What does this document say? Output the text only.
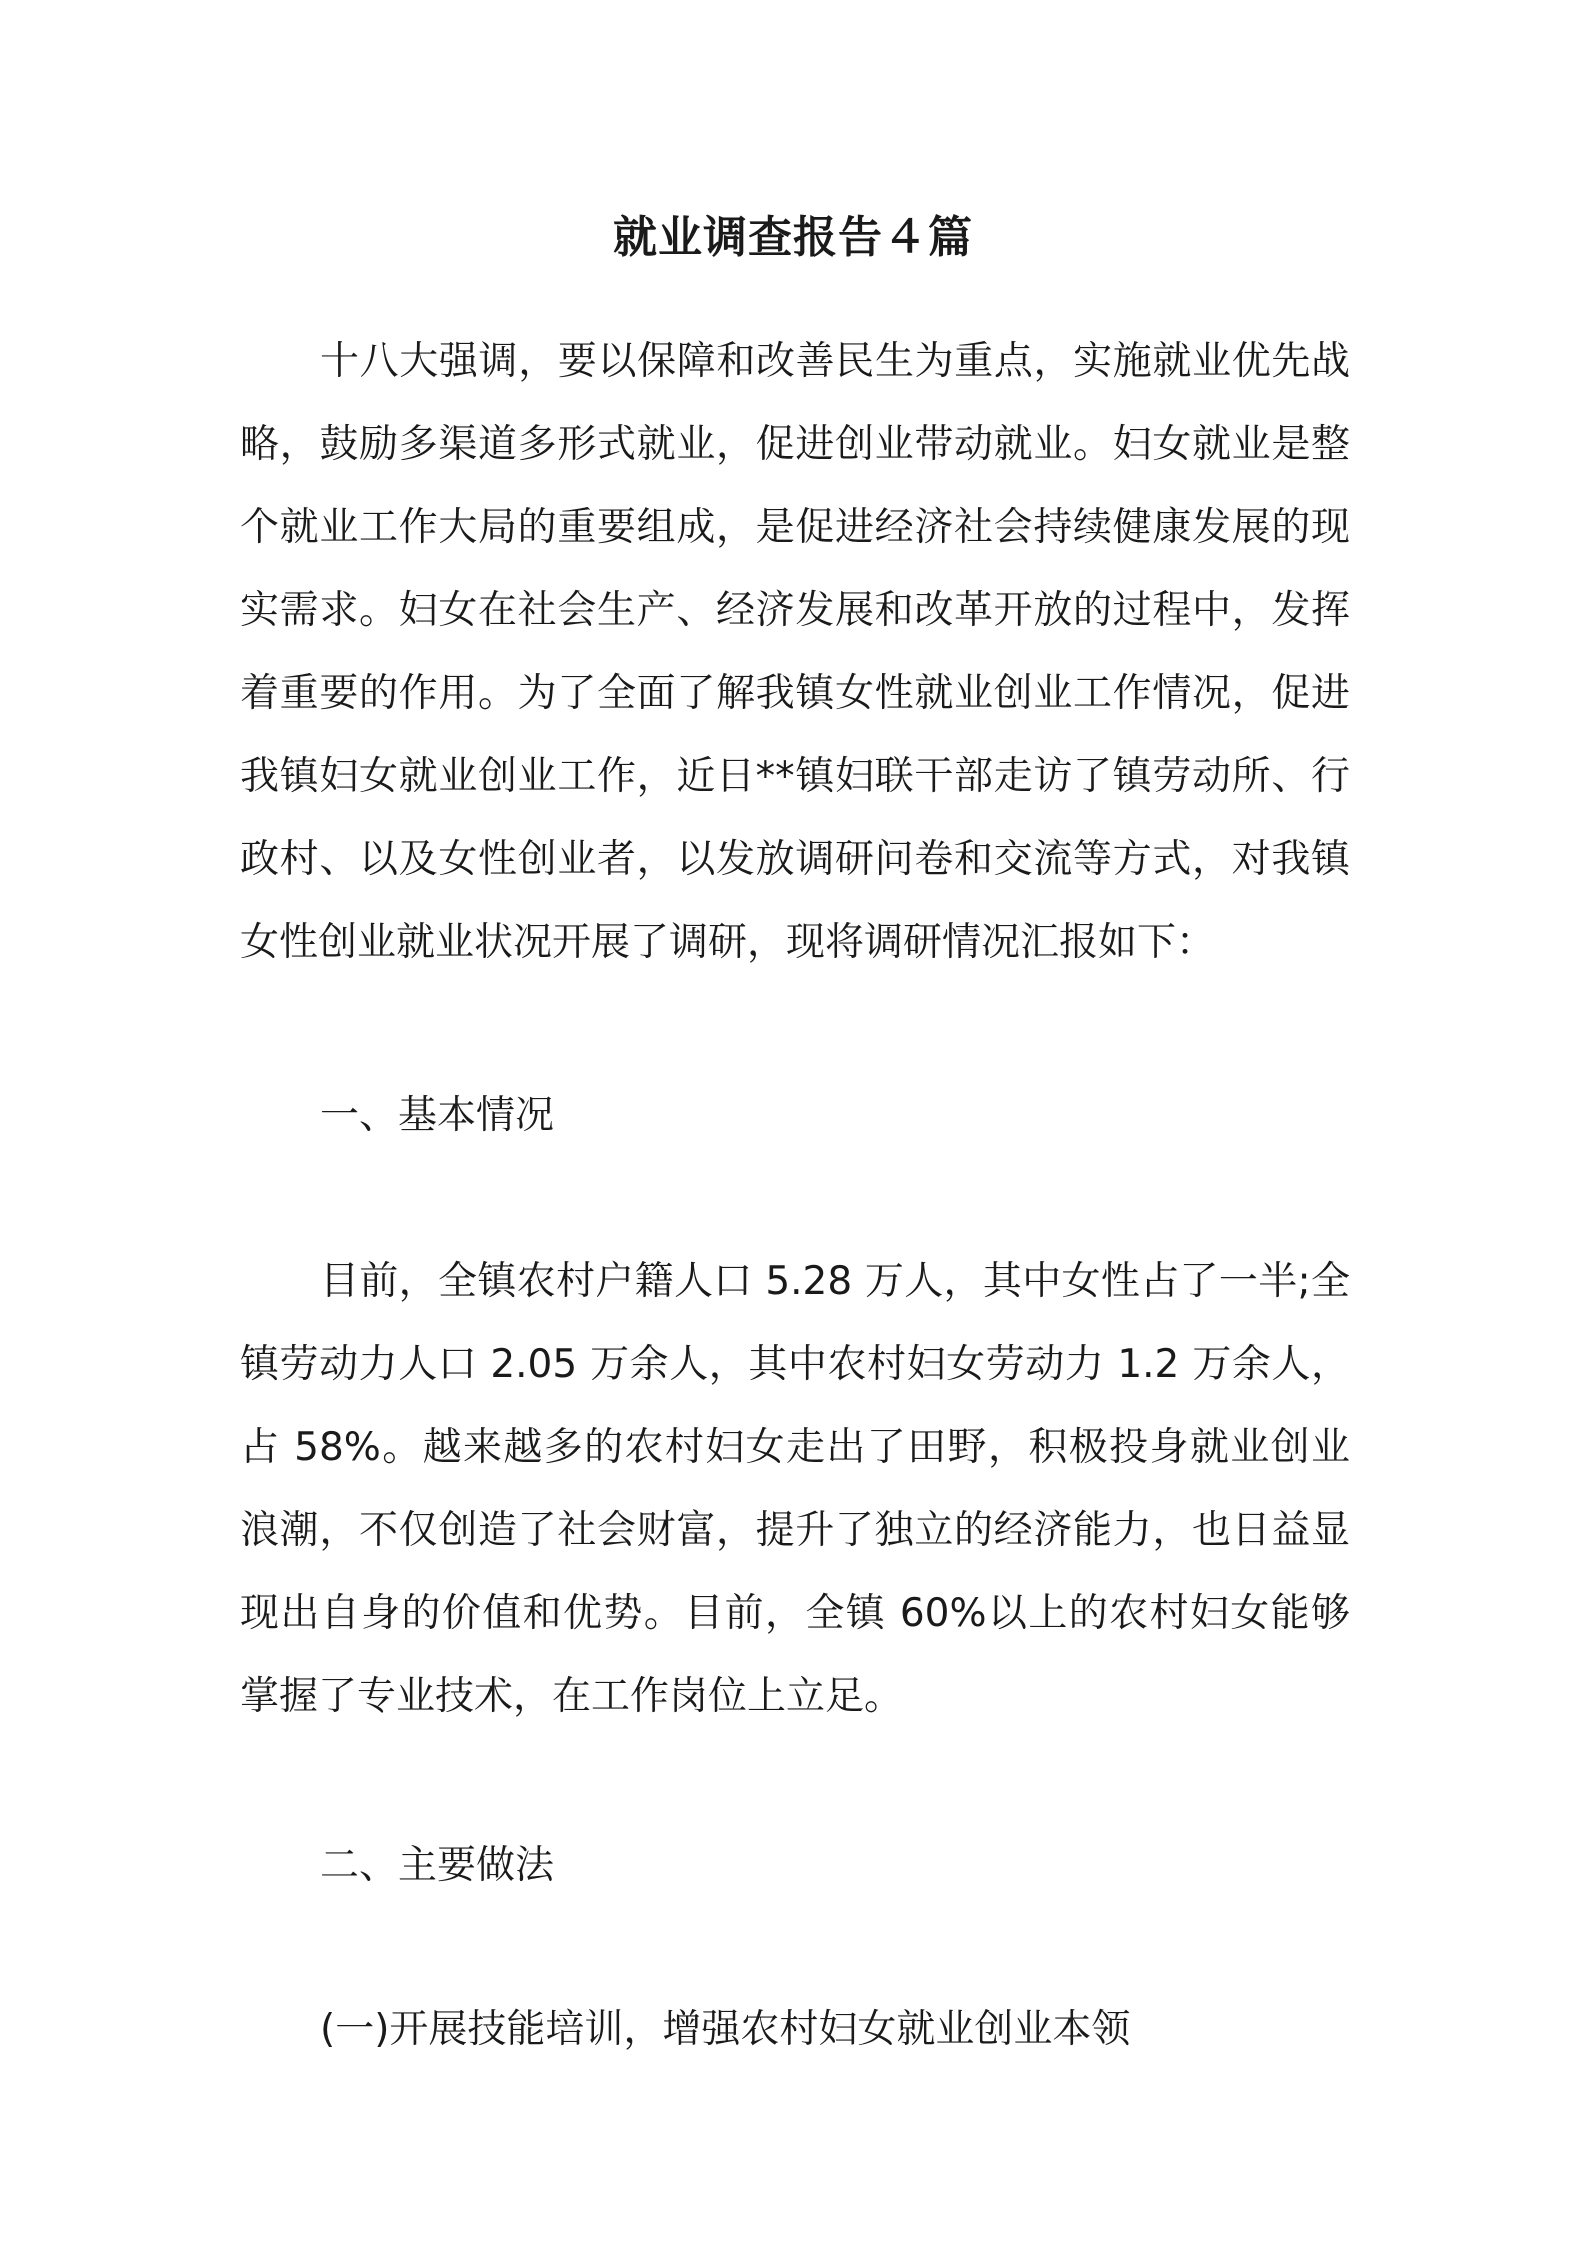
就业调查报告４篇

十八大强调，要以保障和改善民生为重点，实施就业优先战略，鼓励多渠道多形式就业，促进创业带动就业。妇女就业是整个就业工作大局的重要组成，是促进经济社会持续健康发展的现实需求。妇女在社会生产、经济发展和改革开放的过程中，发挥着重要的作用。为了全面了解我镇女性就业创业工作情况，促进我镇妇女就业创业工作，近日**镇妇联干部走访了镇劳动所、行政村、以及女性创业者，以发放调研问卷和交流等方式，对我镇女性创业就业状况开展了调研，现将调研情况汇报如下：

一、基本情况

目前，全镇农村户籍人口 5.28 万人，其中女性占了一半;全镇劳动力人口 2.05 万余人，其中农村妇女劳动力 1.2 万余人，占 58%。越来越多的农村妇女走出了田野，积极投身就业创业浪潮，不仅创造了社会财富，提升了独立的经济能力，也日益显现出自身的价值和优势。目前，全镇 60%以上的农村妇女能够掌握了专业技术，在工作岗位上立足。

二、主要做法

(一)开展技能培训，增强农村妇女就业创业本领
